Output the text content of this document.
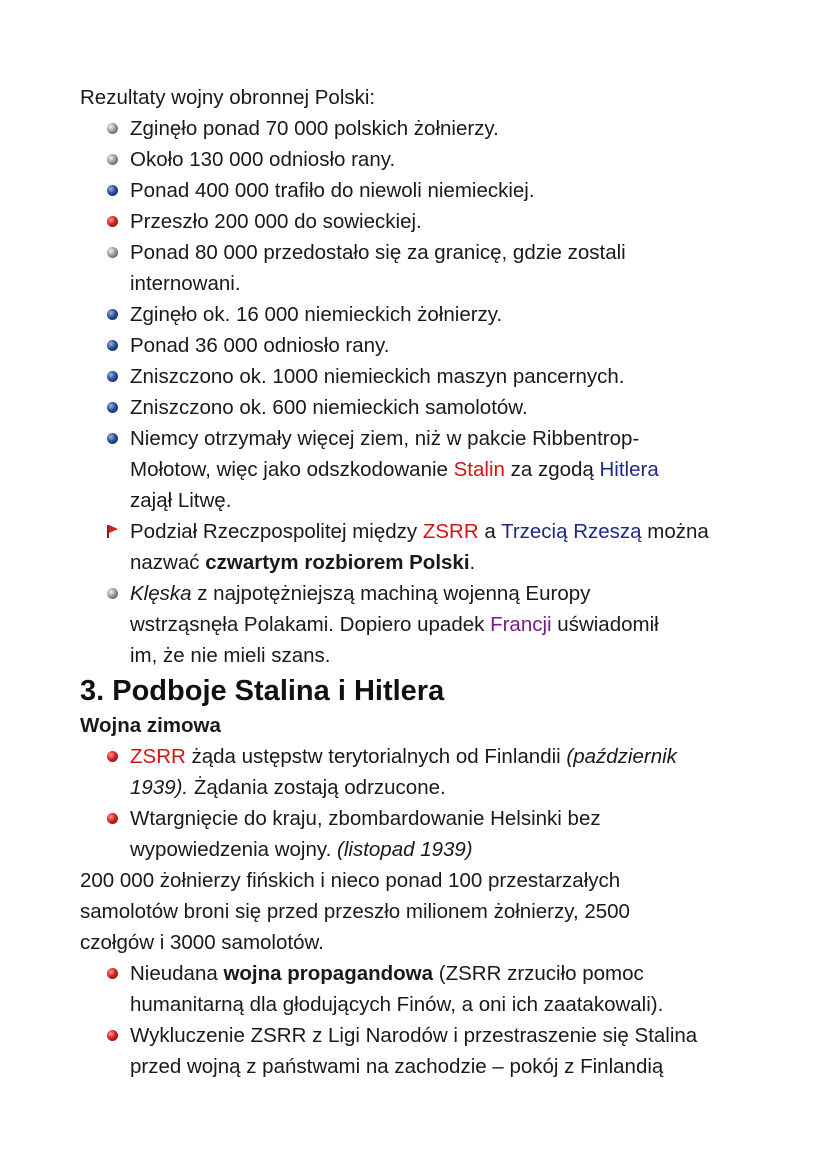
Rezultaty wojny obronnej Polski:

Zginęło ponad 70 000 polskich żołnierzy.
Około 130 000 odniosło rany.
Ponad 400 000 trafiło do niewoli niemieckiej.
Przeszło 200 000 do sowieckiej.
Ponad 80 000 przedostało się za granicę, gdzie zostali
internowani.
Zginęło ok. 16 000 niemieckich żołnierzy.
Ponad 36 000 odniosło rany.
Zniszczono ok. 1000 niemieckich maszyn pancernych.
Zniszczono ok. 600 niemieckich samolotów.
Niemcy otrzymały więcej ziem, niż w pakcie Ribbentrop-
Mołotow, więc jako odszkodowanie Stalin za zgodą Hitlera
zajął Litwę.
Podział Rzeczpospolitej między ZSRR a Trzecią Rzeszą można
nazwać czwartym rozbiorem Polski.
Klęska z najpotężniejszą machiną wojenną Europy
wstrząsnęła Polakami. Dopiero upadek Francji uświadomił
im, że nie mieli szans.
3. Podboje Stalina i Hitlera

Wojna zimowa

ZSRR żąda ustępstw terytorialnych od Finlandii (październik
1939). Żądania zostają odrzucone.
Wtargnięcie do kraju, zbombardowanie Helsinki bez
wypowiedzenia wojny. (listopad 1939)

200 000 żołnierzy fińskich i nieco ponad 100 przestarzałych
samolotów broni się przed przeszło milionem żołnierzy, 2500
czołgów i 3000 samolotów.

Nieudana wojna propagandowa (ZSRR zrzuciło pomoc
humanitarną dla głodujących Finów, a oni ich zaatakowali).
Wykluczenie ZSRR z Ligi Narodów i przestraszenie się Stalina
przed wojną z państwami na zachodzie – pokój z Finlandią
